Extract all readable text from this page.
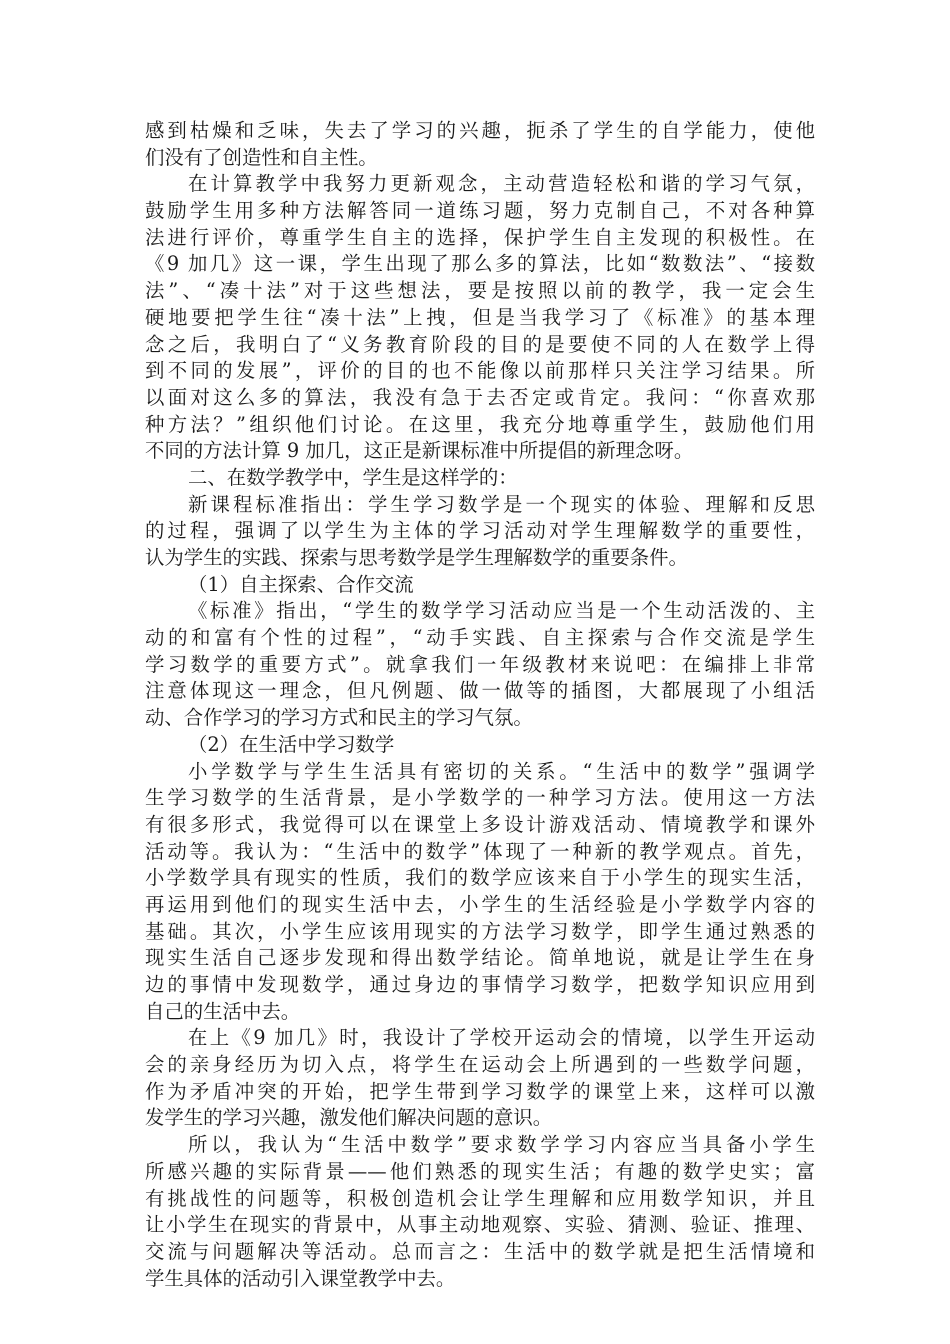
感到枯燥和乏味，失去了学习的兴趣，扼杀了学生的自学能力，使他
们没有了创造性和自主性。
在计算教学中我努力更新观念，主动营造轻松和谐的学习气氛，
鼓励学生用多种方法解答同一道练习题，努力克制自己，不对各种算
法进行评价，尊重学生自主的选择，保护学生自主发现的积极性。在
《9 加几》这一课，学生出现了那么多的算法，比如“数数法”、“接数
法”、“凑十法”对于这些想法，要是按照以前的教学，我一定会生
硬地要把学生往“凑十法”上拽，但是当我学习了《标准》的基本理
念之后，我明白了“义务教育阶段的目的是要使不同的人在数学上得
到不同的发展”，评价的目的也不能像以前那样只关注学习结果。所
以面对这么多的算法，我没有急于去否定或肯定。我问：“你喜欢那
种方法？”组织他们讨论。在这里，我充分地尊重学生，鼓励他们用
不同的方法计算 9 加几，这正是新课标准中所提倡的新理念呀。
二、在数学教学中，学生是这样学的：
新课程标准指出：学生学习数学是一个现实的体验、理解和反思
的过程，强调了以学生为主体的学习活动对学生理解数学的重要性，
认为学生的实践、探索与思考数学是学生理解数学的重要条件。
（1）自主探索、合作交流
《标准》指出，“学生的数学学习活动应当是一个生动活泼的、主
动的和富有个性的过程”，“动手实践、自主探索与合作交流是学生
学习数学的重要方式”。就拿我们一年级教材来说吧：在编排上非常
注意体现这一理念，但凡例题、做一做等的插图，大都展现了小组活
动、合作学习的学习方式和民主的学习气氛。
（2）在生活中学习数学
小学数学与学生生活具有密切的关系。“生活中的数学”强调学
生学习数学的生活背景，是小学数学的一种学习方法。使用这一方法
有很多形式，我觉得可以在课堂上多设计游戏活动、情境教学和课外
活动等。我认为：“生活中的数学”体现了一种新的教学观点。首先，
小学数学具有现实的性质，我们的数学应该来自于小学生的现实生活，
再运用到他们的现实生活中去，小学生的生活经验是小学数学内容的
基础。其次，小学生应该用现实的方法学习数学，即学生通过熟悉的
现实生活自己逐步发现和得出数学结论。简单地说，就是让学生在身
边的事情中发现数学，通过身边的事情学习数学，把数学知识应用到
自己的生活中去。
在上《9 加几》时，我设计了学校开运动会的情境，以学生开运动
会的亲身经历为切入点，将学生在运动会上所遇到的一些数学问题，
作为矛盾冲突的开始，把学生带到学习数学的课堂上来，这样可以激
发学生的学习兴趣，激发他们解决问题的意识。
所以，我认为“生活中数学”要求数学学习内容应当具备小学生
所感兴趣的实际背景——他们熟悉的现实生活；有趣的数学史实；富
有挑战性的问题等，积极创造机会让学生理解和应用数学知识，并且
让小学生在现实的背景中，从事主动地观察、实验、猜测、验证、推理、
交流与问题解决等活动。总而言之：生活中的数学就是把生活情境和
学生具体的活动引入课堂教学中去。
